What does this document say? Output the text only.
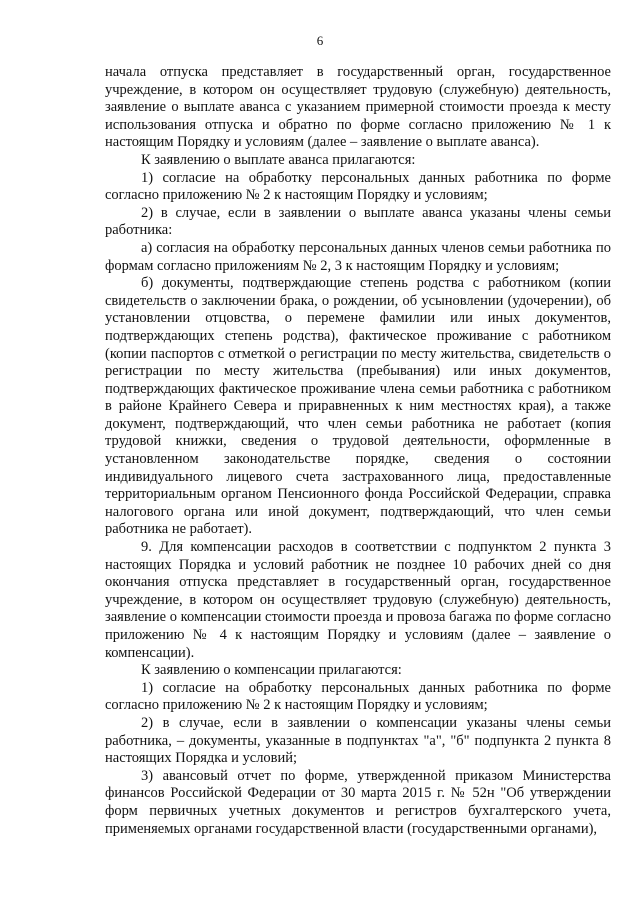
6

начала отпуска представляет в государственный орган, государственное учреждение, в котором он осуществляет трудовую (служебную) деятельность, заявление о выплате аванса с указанием примерной стоимости проезда к месту использования отпуска и обратно по форме согласно приложению № 1 к настоящим Порядку и условиям (далее – заявление о выплате аванса).

К заявлению о выплате аванса прилагаются:

1) согласие на обработку персональных данных работника по форме согласно приложению № 2 к настоящим Порядку и условиям;

2) в случае, если в заявлении о выплате аванса указаны члены семьи работника:

а) согласия на обработку персональных данных членов семьи работника по формам согласно приложениям № 2, 3 к настоящим Порядку и условиям;

б) документы, подтверждающие степень родства с работником (копии свидетельств о заключении брака, о рождении, об усыновлении (удочерении), об установлении отцовства, о перемене фамилии или иных документов, подтверждающих степень родства), фактическое проживание с работником (копии паспортов с отметкой о регистрации по месту жительства, свидетельств о регистрации по месту жительства (пребывания) или иных документов, подтверждающих фактическое проживание члена семьи работника с работником в районе Крайнего Севера и приравненных к ним местностях края), а также документ, подтверждающий, что член семьи работника не работает (копия трудовой книжки, сведения о трудовой деятельности, оформленные в установленном законодательстве порядке, сведения о состоянии индивидуального лицевого счета застрахованного лица, предоставленные территориальным органом Пенсионного фонда Российской Федерации, справка налогового органа или иной документ, подтверждающий, что член семьи работника не работает).

9. Для компенсации расходов в соответствии с подпунктом 2 пункта 3 настоящих Порядка и условий работник не позднее 10 рабочих дней со дня окончания отпуска представляет в государственный орган, государственное учреждение, в котором он осуществляет трудовую (служебную) деятельность, заявление о компенсации стоимости проезда и провоза багажа по форме согласно приложению № 4 к настоящим Порядку и условиям (далее – заявление о компенсации).

К заявлению о компенсации прилагаются:

1) согласие на обработку персональных данных работника по форме согласно приложению № 2 к настоящим Порядку и условиям;

2) в случае, если в заявлении о компенсации указаны члены семьи работника, – документы, указанные в подпунктах "а", "б" подпункта 2 пункта 8 настоящих Порядка и условий;

3) авансовый отчет по форме, утвержденной приказом Министерства финансов Российской Федерации от 30 марта 2015 г. № 52н "Об утверждении форм первичных учетных документов и регистров бухгалтерского учета, применяемых органами государственной власти (государственными органами),
